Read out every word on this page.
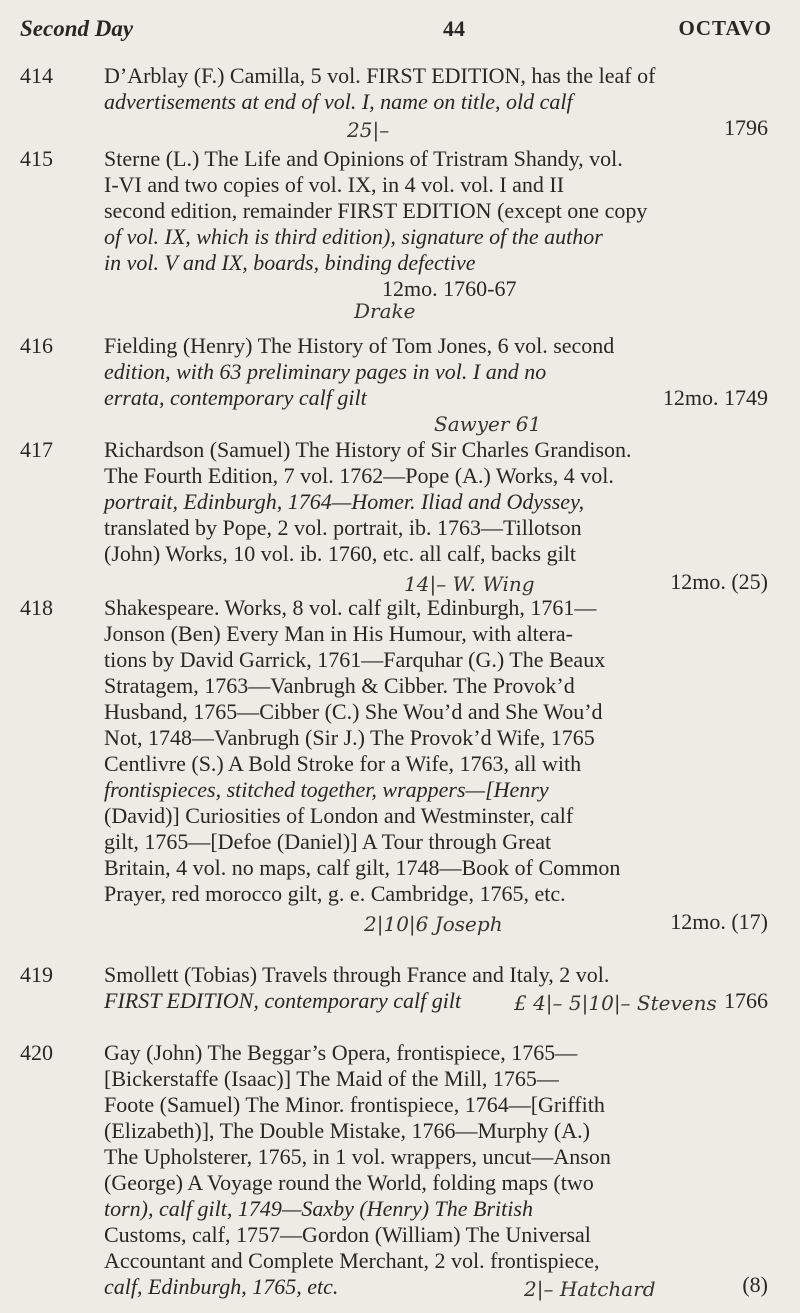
Second Day	44	OCTAVO
414 D’Arblay (F.) Camilla, 5 vol. FIRST EDITION, has the leaf of
advertisements at end of vol. I, name on title, old calf
25|–	1796
415 Sterne (L.) The Life and Opinions of Tristram Shandy, vol.
I-VI and two copies of vol. IX, in 4 vol. vol. I and II
second edition, remainder FIRST EDITION (except one copy
of vol. IX, which is third edition), signature of the author
in vol. V and IX, boards, binding defective
12mo. 1760-67
Drake
416 Fielding (Henry) The History of Tom Jones, 6 vol. second
edition, with 63 preliminary pages in vol. I and no
errata, contemporary calf gilt	12mo. 1749
Sawyer 61
417 Richardson (Samuel) The History of Sir Charles Grandison.
The Fourth Edition, 7 vol. 1762—Pope (A.) Works, 4 vol.
portrait, Edinburgh, 1764—Homer. Iliad and Odyssey,
translated by Pope, 2 vol. portrait, ib. 1763—Tillotson
(John) Works, 10 vol. ib. 1760, etc. all calf, backs gilt
14|– W. Wing	12mo. (25)
418 Shakespeare. Works, 8 vol. calf gilt, Edinburgh, 1761—
Jonson (Ben) Every Man in His Humour, with altera-
tions by David Garrick, 1761—Farquhar (G.) The Beaux
Stratagem, 1763—Vanbrugh & Cibber. The Provok’d
Husband, 1765—Cibber (C.) She Wou’d and She Wou’d
Not, 1748—Vanbrugh (Sir J.) The Provok’d Wife, 1765
Centlivre (S.) A Bold Stroke for a Wife, 1763, all with
frontispieces, stitched together, wrappers—[Henry
(David)] Curiosities of London and Westminster, calf
gilt, 1765—[Defoe (Daniel)] A Tour through Great
Britain, 4 vol. no maps, calf gilt, 1748—Book of Common
Prayer, red morocco gilt, g. e. Cambridge, 1765, etc.
2|10|6 Joseph	12mo. (17)
419 Smollett (Tobias) Travels through France and Italy, 2 vol.
FIRST EDITION, contemporary calf gilt	£ 4|– 5|10|– Stevens 1766
420 Gay (John) The Beggar’s Opera, frontispiece, 1765—
[Bickerstaffe (Isaac)] The Maid of the Mill, 1765—
Foote (Samuel) The Minor. frontispiece, 1764—[Griffith
(Elizabeth)], The Double Mistake, 1766—Murphy (A.)
The Upholsterer, 1765, in 1 vol. wrappers, uncut—Anson
(George) A Voyage round the World, folding maps (two
torn), calf gilt, 1749—Saxby (Henry) The British
Customs, calf, 1757—Gordon (William) The Universal
Accountant and Complete Merchant, 2 vol. frontispiece,
calf, Edinburgh, 1765, etc.	2|– Hatchard	(8)
